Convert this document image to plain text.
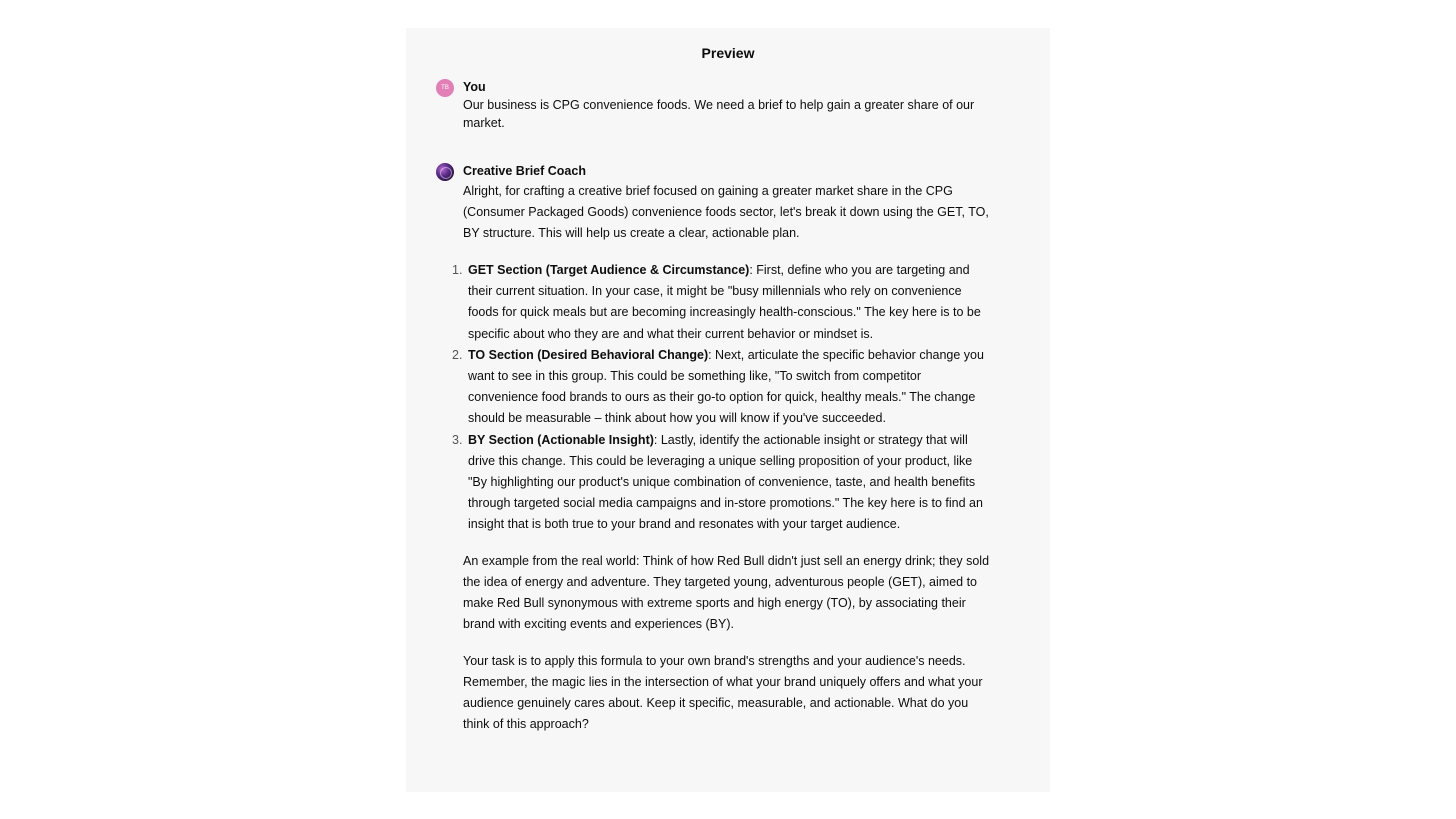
Preview
TB	You

Our business is CPG convenience foods. We need a brief to help gain a greater share of our market.

Creative Brief Coach

Alright, for crafting a creative brief focused on gaining a greater market share in the CPG (Consumer Packaged Goods) convenience foods sector, let's break it down using the GET, TO, BY structure. This will help us create a clear, actionable plan.

1. GET Section (Target Audience & Circumstance): First, define who you are targeting and their current situation. In your case, it might be "busy millennials who rely on convenience foods for quick meals but are becoming increasingly health-conscious." The key here is to be specific about who they are and what their current behavior or mindset is.
2. TO Section (Desired Behavioral Change): Next, articulate the specific behavior change you want to see in this group. This could be something like, "To switch from competitor convenience food brands to ours as their go-to option for quick, healthy meals." The change should be measurable – think about how you will know if you've succeeded.
3. BY Section (Actionable Insight): Lastly, identify the actionable insight or strategy that will drive this change. This could be leveraging a unique selling proposition of your product, like "By highlighting our product's unique combination of convenience, taste, and health benefits through targeted social media campaigns and in-store promotions." The key here is to find an insight that is both true to your brand and resonates with your target audience.

An example from the real world: Think of how Red Bull didn't just sell an energy drink; they sold the idea of energy and adventure. They targeted young, adventurous people (GET), aimed to make Red Bull synonymous with extreme sports and high energy (TO), by associating their brand with exciting events and experiences (BY).

Your task is to apply this formula to your own brand's strengths and your audience's needs. Remember, the magic lies in the intersection of what your brand uniquely offers and what your audience genuinely cares about. Keep it specific, measurable, and actionable. What do you think of this approach?
